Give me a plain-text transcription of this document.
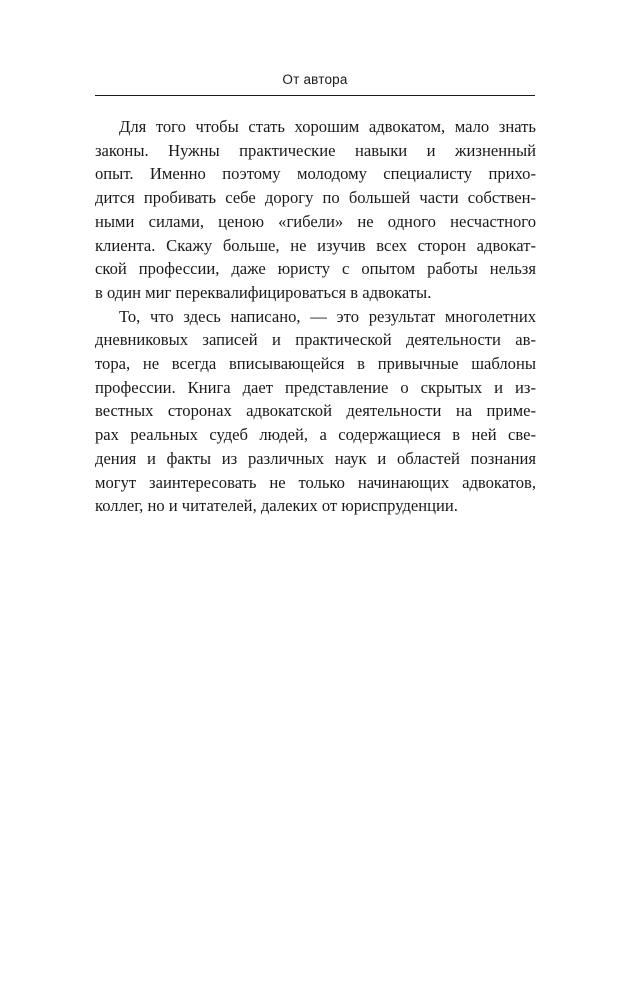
От автора

Для того чтобы стать хорошим адвокатом, мало знать
законы. Нужны практические навыки и жизненный
опыт. Именно поэтому молодому специалисту прихо-
дится пробивать себе дорогу по большей части собствен-
ными силами, ценою «гибели» не одного несчастного
клиента. Скажу больше, не изучив всех сторон адвокат-
ской профессии, даже юристу с опытом работы нельзя
в один миг переквалифицироваться в адвокаты.

То, что здесь написано, — это результат многолетних
дневниковых записей и практической деятельности ав-
тора, не всегда вписывающейся в привычные шаблоны
профессии. Книга дает представление о скрытых и из-
вестных сторонах адвокатской деятельности на приме-
рах реальных судеб людей, а содержащиеся в ней све-
дения и факты из различных наук и областей познания
могут заинтересовать не только начинающих адвокатов,
коллег, но и читателей, далеких от юриспруденции.
